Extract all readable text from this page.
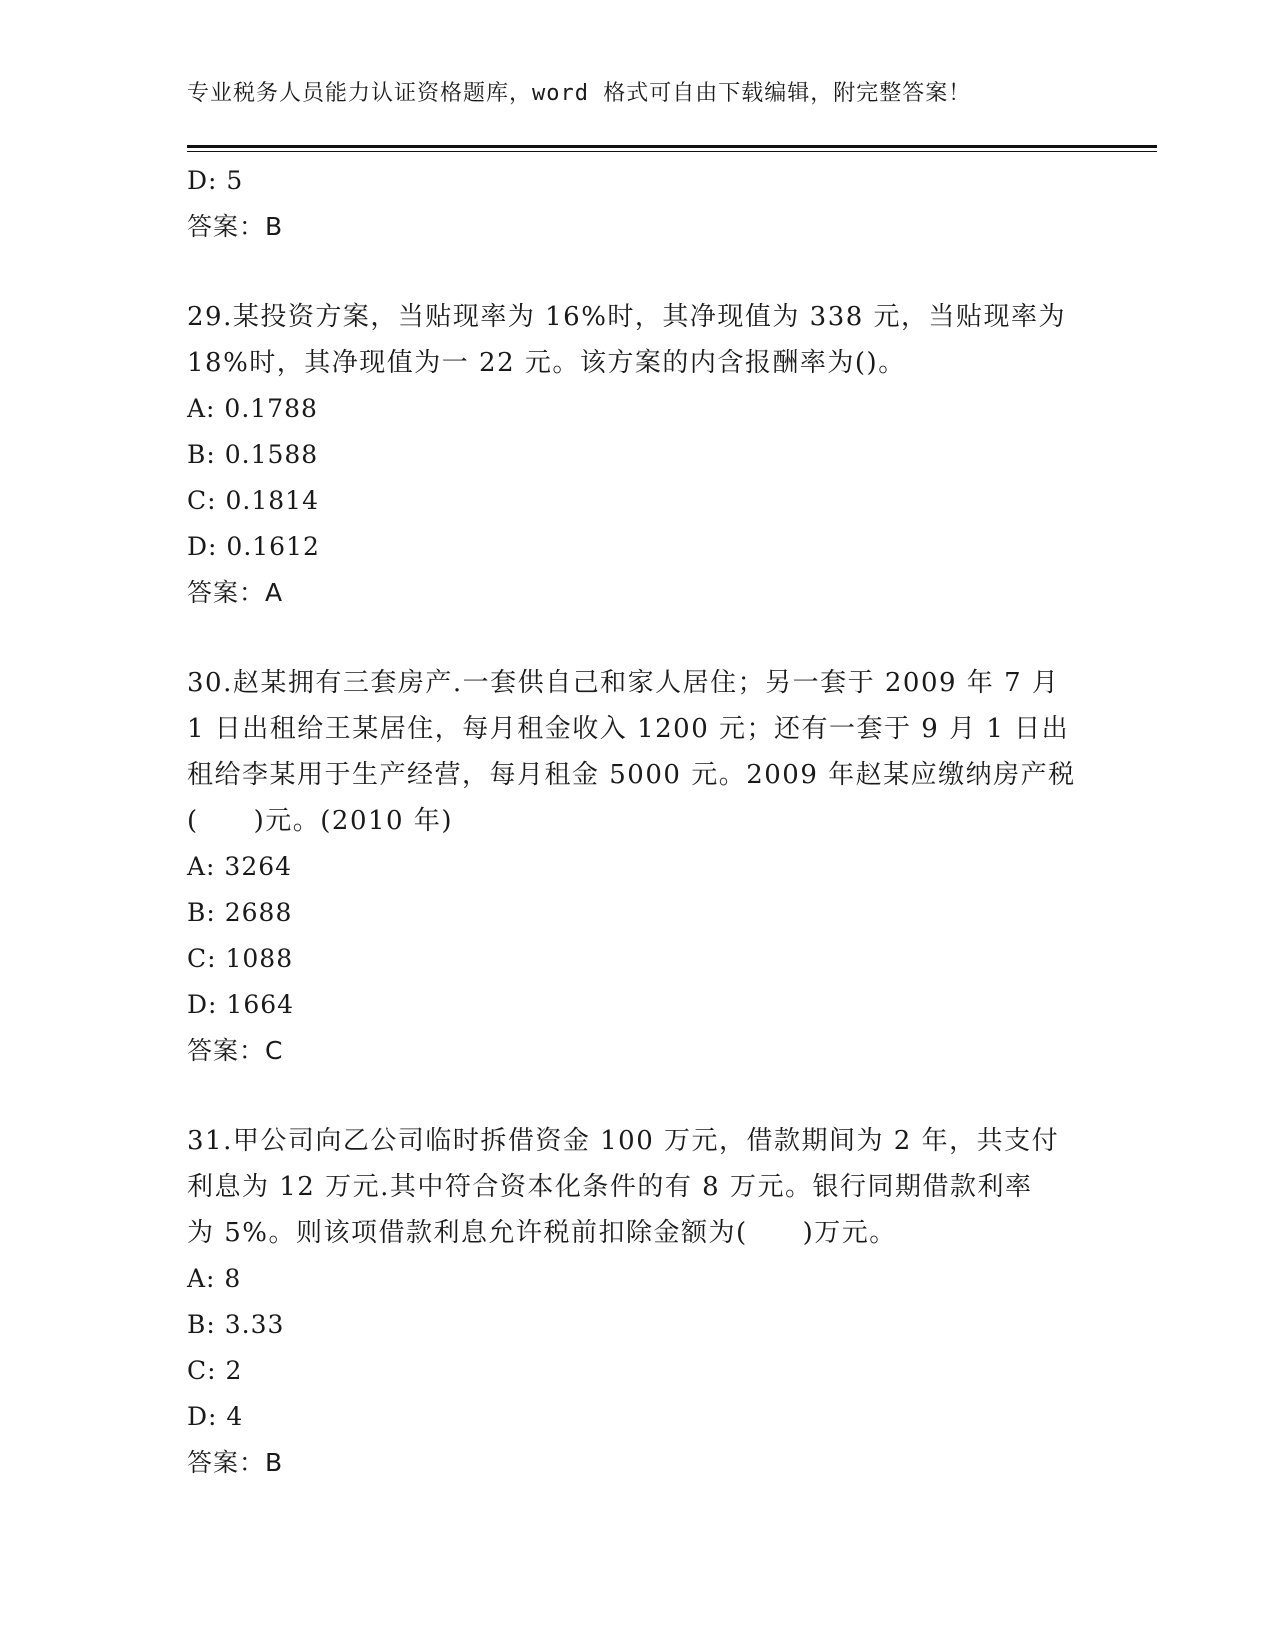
专业税务人员能力认证资格题库，word 格式可自由下载编辑，附完整答案！
D: 5
答案：B
29.某投资方案，当贴现率为 16%时，其净现值为 338 元，当贴现率为
18%时，其净现值为一 22 元。该方案的内含报酬率为()。
A: 0.1788
B: 0.1588
C: 0.1814
D: 0.1612
答案：A
30.赵某拥有三套房产.一套供自己和家人居住；另一套于 2009 年 7 月
1 日出租给王某居住，每月租金收入 1200 元；还有一套于 9 月 1 日出
租给李某用于生产经营，每月租金 5000 元。2009 年赵某应缴纳房产税
(　　)元。(2010 年)
A: 3264
B: 2688
C: 1088
D: 1664
答案：C
31.甲公司向乙公司临时拆借资金 100 万元，借款期间为 2 年，共支付
利息为 12 万元.其中符合资本化条件的有 8 万元。银行同期借款利率
为 5%。则该项借款利息允许税前扣除金额为(　　)万元。
A: 8
B: 3.33
C: 2
D: 4
答案：B
